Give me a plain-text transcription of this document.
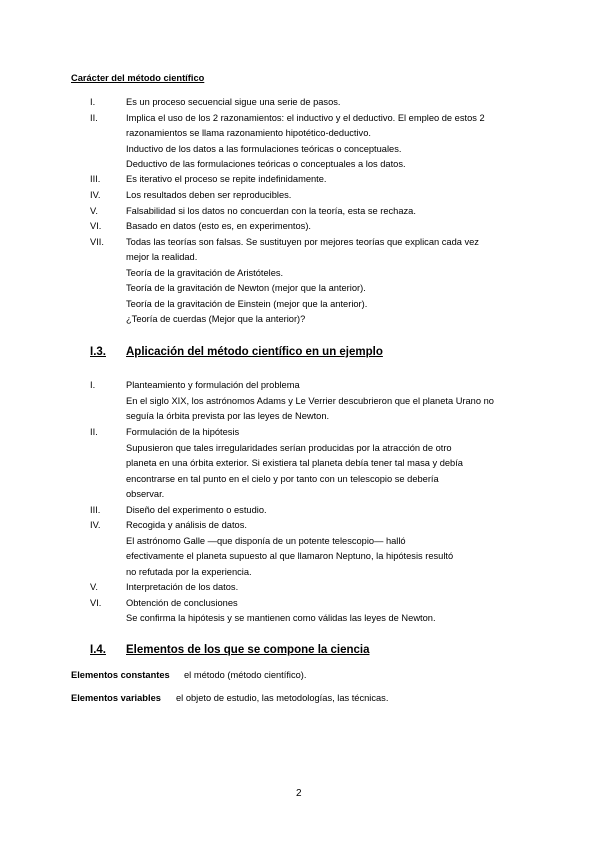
Carácter del método científico
I.	Es un proceso secuencial sigue una serie de pasos.
II.	Implica el uso de los 2 razonamientos: el inductivo y el deductivo. El empleo de estos 2
razonamientos se llama razonamiento hipotético-deductivo.
Inductivo de los datos a las formulaciones teóricas o conceptuales.
Deductivo de las formulaciones teóricas o conceptuales a los datos.
III.	Es iterativo el proceso se repite indefinidamente.
IV.	Los resultados deben ser reproducibles.
V.	Falsabilidad si los datos no concuerdan con la teoría, esta se rechaza.
VI.	Basado en datos (esto es, en experimentos).
VII. Todas las teorías son falsas. Se sustituyen por mejores teorías que explican cada vez
mejor la realidad.
Teoría de la gravitación de Aristóteles.
Teoría de la gravitación de Newton (mejor que la anterior).
Teoría de la gravitación de Einstein (mejor que la anterior).
¿Teoría de cuerdas (Mejor que la anterior)?
I.3. Aplicación del método científico en un ejemplo
I.	Planteamiento y formulación del problema
En el siglo XIX, los astrónomos Adams y Le Verrier descubrieron que el planeta Urano no
seguía la órbita prevista por las leyes de Newton.
II.	Formulación de la hipótesis
Supusieron que tales irregularidades serían producidas por la atracción de otro
planeta en una órbita exterior. Si existiera tal planeta debía tener tal masa y debía
encontrarse en tal punto en el cielo y por tanto con un telescopio se debería
observar.
III.	Diseño del experimento o estudio.
IV.	Recogida y análisis de datos.
El astrónomo Galle —que disponía de un potente telescopio— halló
efectivamente el planeta supuesto al que llamaron Neptuno, la hipótesis resultó
no refutada por la experiencia.
V.	Interpretación de los datos.
VI.	Obtención de conclusiones
Se confirma la hipótesis y se mantienen como válidas las leyes de Newton.
I.4. Elementos de los que se compone la ciencia
Elementos constantes el método (método científico).
Elementos variables el objeto de estudio, las metodologías, las técnicas.
2
